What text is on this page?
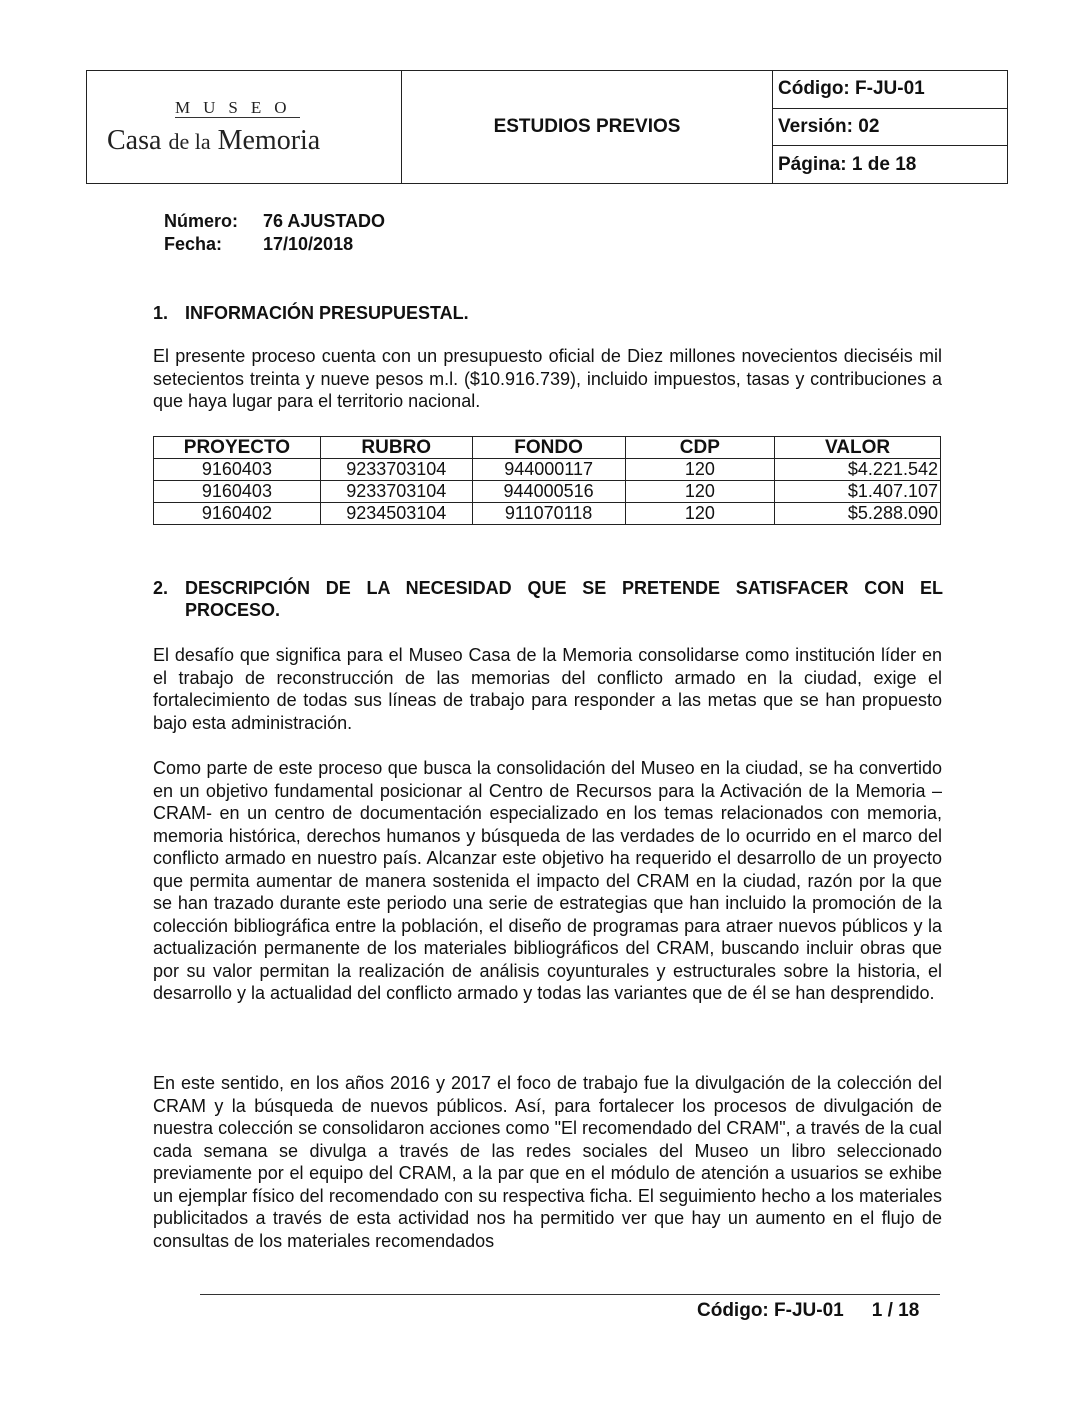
MUSEO
Casa de la Memoria	ESTUDIOS PREVIOS
Código: F-JU-01
Versión: 02
Página: 1 de 18
Número:	76 AJUSTADO
Fecha:	17/10/2018
1. INFORMACIÓN PRESUPUESTAL.

El presente proceso cuenta con un presupuesto oficial de Diez millones novecientos dieciséis mil setecientos treinta y nueve pesos m.l. ($10.916.739), incluido impuestos, tasas y contribuciones a que haya lugar para el territorio nacional.

PROYECTO	RUBRO	FONDO	CDP	VALOR
9160403	9233703104	944000117	120	$4.221.542
9160403	9233703104	944000516	120	$1.407.107
9160402	9234503104	911070118	120	$5.288.090
2. DESCRIPCIÓN DE LA NECESIDAD QUE SE PRETENDE SATISFACER CON EL PROCESO.

El desafío que significa para el Museo Casa de la Memoria consolidarse como institución líder en el trabajo de reconstrucción de las memorias del conflicto armado en la ciudad, exige el fortalecimiento de todas sus líneas de trabajo para responder a las metas que se han propuesto bajo esta administración.

Como parte de este proceso que busca la consolidación del Museo en la ciudad, se ha convertido en un objetivo fundamental posicionar al Centro de Recursos para la Activación de la Memoria –CRAM- en un centro de documentación especializado en los temas relacionados con memoria, memoria histórica, derechos humanos y búsqueda de las verdades de lo ocurrido en el marco del conflicto armado en nuestro país. Alcanzar este objetivo ha requerido el desarrollo de un proyecto que permita aumentar de manera sostenida el impacto del CRAM en la ciudad, razón por la que se han trazado durante este periodo una serie de estrategias que han incluido la promoción de la colección bibliográfica entre la población, el diseño de programas para atraer nuevos públicos y la actualización permanente de los materiales bibliográficos del CRAM, buscando incluir obras que por su valor permitan la realización de análisis coyunturales y estructurales sobre la historia, el desarrollo y la actualidad del conflicto armado y todas las variantes que de él se han desprendido.

En este sentido, en los años 2016 y 2017 el foco de trabajo fue la divulgación de la colección del CRAM y la búsqueda de nuevos públicos. Así, para fortalecer los procesos de divulgación de nuestra colección se consolidaron acciones como "El recomendado del CRAM", a través de la cual cada semana se divulga a través de las redes sociales del Museo un libro seleccionado previamente por el equipo del CRAM, a la par que en el módulo de atención a usuarios se exhibe un ejemplar físico del recomendado con su respectiva ficha. El seguimiento hecho a los materiales publicitados a través de esta actividad nos ha permitido ver que hay un aumento en el flujo de consultas de los materiales recomendados

Código: F-JU-01 1 / 18
